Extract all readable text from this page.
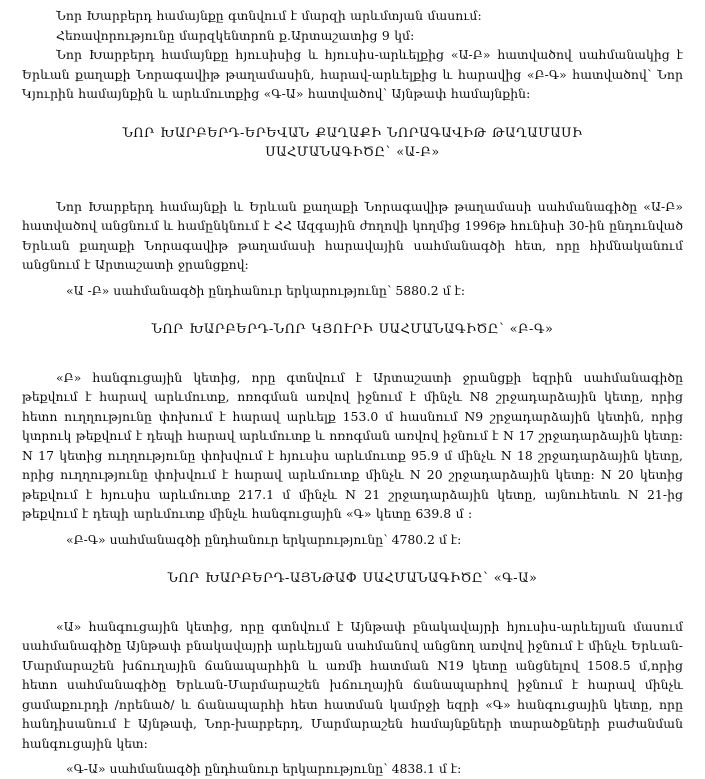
Նոր Խարբերդ համայնքը գտնվում է մարզի արևմտյան մասում:

Հեռավորությունը մարզկենտրոն ք.Արտաշատից 9 կմ:

Նոր Խարբերդ համայնքը հյուսիսից և հյուսիս-արևելքից «Ա-Բ» հատվածով սահմանակից է Երևան քաղաքի Նորագավիթ թաղամասին, հարավ-արևելքից և հարավից «Բ-Գ» հատվածով՝ Նոր Կյուրին համայնքին և արևմուտքից «Գ-Ա» հատվածով՝ Այնթափ համայնքին:

ՆՈՐ ԽԱՐԲԵՐԴ-ԵՐԵՎԱՆ ՔԱՂԱՔԻ ՆՈՐԱԳԱՎԻԹ ԹԱՂԱՄԱՍԻ

ՍԱՀՄԱՆԱԳԻԾԸ՝ «Ա-Բ»

Նոր Խարբերդ համայնքի և Երևան քաղաքի Նորագավիթ թաղամասի սահմանագիծը «Ա-Բ» հատվածով անցնում և համընկնում է ՀՀ Ազգային ժողովի կողմից 1996թ հունիսի 30-ին ընդունված Երևան քաղաքի Նորագավիթ թաղամասի հարավային սահմանագծի հետ, որը հիմնականում անցնում է Արտաշատի ջրանցքով:

«Ա -Բ» սահմանագծի ընդհանուր երկարությունը՝ 5880.2 մ է:

ՆՈՐ ԽԱՐԲԵՐԴ-ՆՈՐ ԿՅՈՒՐԻ ՍԱՀՄԱՆԱԳԻԾԸ՝ «Բ-Գ»

«Բ» հանգուցային կետից, որը գտնվում է Արտաշատի ջրանցքի եզրին սահմանագիծը թեքվում է հարավ արևմուտք, ոռոգման առվով իջնում է մինչև N8 շրջադարձային կետը, որից հետո ուղղությունը փոխում է հարավ արևելք 153.0 մ հասնում N9 շրջադարձային կետին, որից կտրուկ թեքվում է դեպի հարավ արևմուտք և ոռոգման առվով իջնում է N 17 շրջադարձային կետը: N 17 կետից ուղղությունը փոխվում է հյուսիս արևմուտք 95.9 մ մինչև N 18 շրջադարձային կետը, որից ուղղությունը փոխվում է հարավ արևմուտք մինչև N 20 շրջադարձային կետը: N 20 կետից թեքվում է հյուսիս արևմուտք 217.1 մ մինչև N 21 շրջադարձային կետը, այնուհետև N 21-ից թեքվում է դեպի արևմուտք մինչև հանգուցային «Գ» կետը 639.8 մ :

«Բ-Գ» սահմանագծի ընդհանուր երկարությունը՝ 4780.2 մ է:

ՆՈՐ ԽԱՐԲԵՐԴ-ԱՅՆԹԱՓ ՍԱՀՄԱՆԱԳԻԾԸ՝ «Գ-Ա»

«Ա» հանգուցային կետից, որը գտնվում է Այնթափ բնակավայրի հյուսիս-արևելյան մասում սահմանագիծը Այնթափ բնակավայրի արևելյան սահմանով անցնող առվով իջնում է մինչև Երևան-Մարմարաշեն խճուղային ճանապարհին և առմի հատման N19 կետը անցնելով 1508.5 մ,որից հետո սահմանագիծը Երևան-Մարմարաշեն խճուղային ճանապարհով իջնում է հարավ մինչև ցամաքուրդի /որենած/ և ճանապարհի հետ հատման կամրջի եզրի «Գ» հանգուցային կետը, որը հանդիսանում է Այնթափ, Նոր-խարբերդ, Մարմարաշեն համայնքների տարածքների բաժանման հանգուցային կետ:

«Գ-Ա» սահմանագծի ընդհանուր երկարությունը՝ 4838.1 մ է:
